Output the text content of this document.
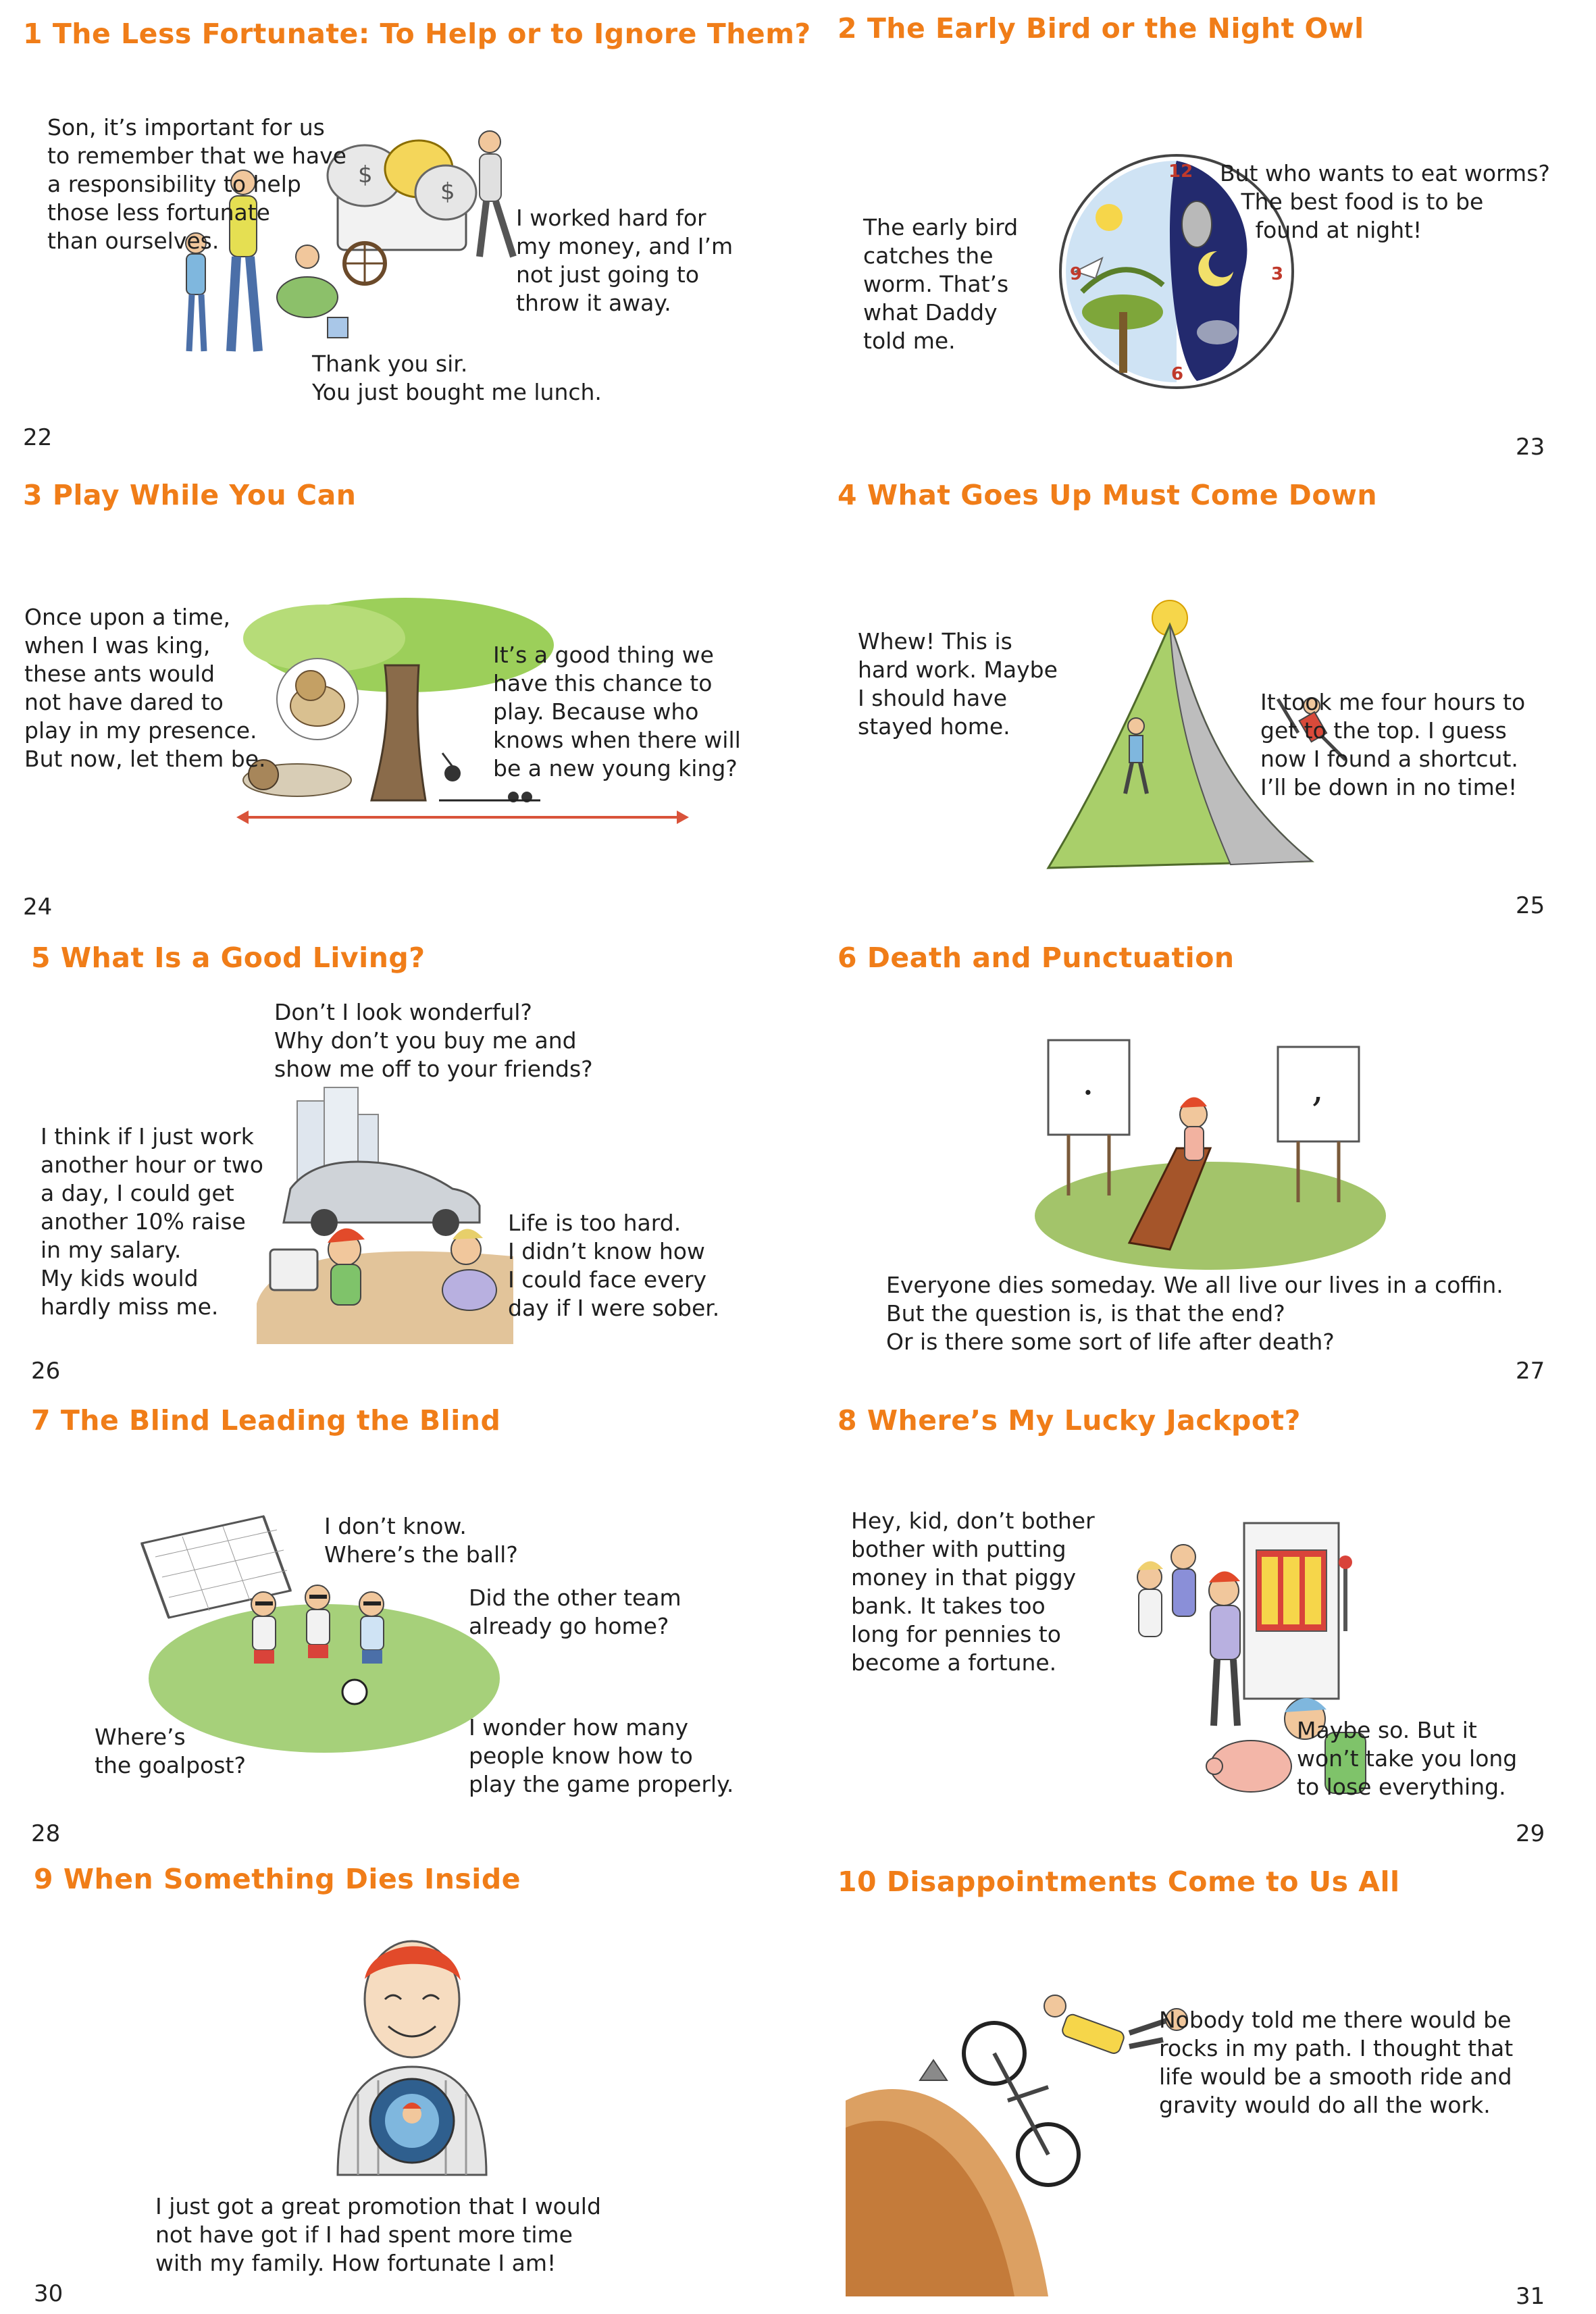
1 The Less Fortunate: To Help or to Ignore Them?
$
$
Son, it’s important for us
to remember that we have
a responsibility to help
those less fortunate
than ourselves.
I worked hard for
my money, and I’m
not just going to
throw it away.
Thank you sir.
You just bought me lunch.
22
2 The Early Bird or the Night Owl
12
3
6
9
The early bird
catches the
worm. That’s
what Daddy
told me.
But who wants to eat worms?
The best food is to be
found at night!
23
3 Play While You Can
Once upon a time,
when I was king,
these ants would
not have dared to
play in my presence.
But now, let them be.
It’s a good thing we
have this chance to
play. Because who
knows when there will
be a new young king?
24
4 What Goes Up Must Come Down
Whew! This is
hard work. Maybe
I should have
stayed home.
It took me four hours to
get to the top. I guess
now I found a shortcut.
I’ll be down in no time!
25
5 What Is a Good Living?
Don’t I look wonderful?
Why don’t you buy me and
show me off to your friends?
I think if I just work
another hour or two
a day, I could get
another 10% raise
in my salary.
My kids would
hardly miss me.
Life is too hard.
I didn’t know how
I could face every
day if I were sober.
26
6 Death and Punctuation
.	,
Everyone dies someday. We all live our lives in a coffin.
But the question is, is that the end?
Or is there some sort of life after death?
27
7 The Blind Leading the Blind
I don’t know.
Where’s the ball?
Did the other team
already go home?
Where’s
the goalpost?
I wonder how many
people know how to
play the game properly.
28
8 Where’s My Lucky Jackpot?
Hey, kid, don’t bother
bother with putting
money in that piggy
bank. It takes too
long for pennies to
become a fortune.
Maybe so. But it
won’t take you long
to lose everything.
29
9 When Something Dies Inside
I just got a great promotion that I would
not have got if I had spent more time
with my family. How fortunate I am!
30
10 Disappointments Come to Us All
Nobody told me there would be
rocks in my path. I thought that
life would be a smooth ride and
gravity would do all the work.
31
